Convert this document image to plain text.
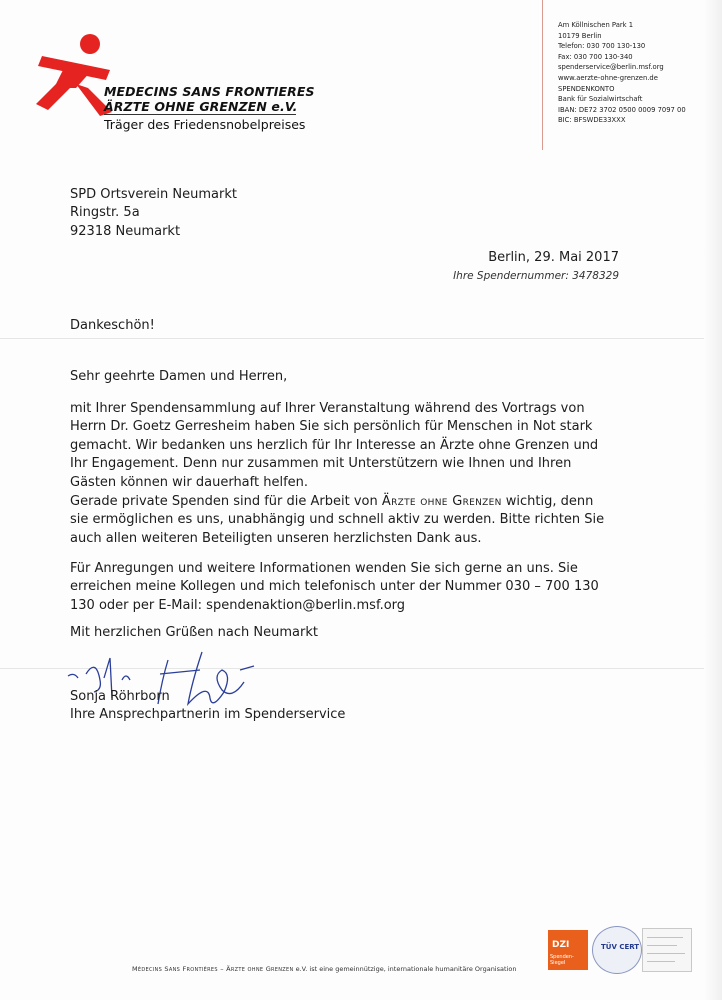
MEDECINS SANS FRONTIERES
ÄRZTE OHNE GRENZEN e.V.
Träger des Friedensnobelpreises
Am Köllnischen Park 1
10179 Berlin
Telefon: 030 700 130-130
Fax: 030 700 130-340
spenderservice@berlin.msf.org
www.aerzte-ohne-grenzen.de
SPENDENKONTO
Bank für Sozialwirtschaft
IBAN: DE72 3702 0500 0009 7097 00
BIC: BFSWDE33XXX
SPD Ortsverein Neumarkt
Ringstr. 5a
92318 Neumarkt
Berlin, 29. Mai 2017
Ihre Spendernummer: 3478329
Dankeschön!
Sehr geehrte Damen und Herren,
mit Ihrer Spendensammlung auf Ihrer Veranstaltung während des Vortrags von
Herrn Dr. Goetz Gerresheim haben Sie sich persönlich für Menschen in Not stark
gemacht. Wir bedanken uns herzlich für Ihr Interesse an Ärzte ohne Grenzen und
Ihr Engagement. Denn nur zusammen mit Unterstützern wie Ihnen und Ihren
Gästen können wir dauerhaft helfen.
Gerade private Spenden sind für die Arbeit von Ärzte ohne Grenzen wichtig, denn
sie ermöglichen es uns, unabhängig und schnell aktiv zu werden. Bitte richten Sie
auch allen weiteren Beteiligten unseren herzlichsten Dank aus.
Für Anregungen und weitere Informationen wenden Sie sich gerne an uns. Sie
erreichen meine Kollegen und mich telefonisch unter der Nummer 030 – 700 130
130 oder per E-Mail: spendenaktion@berlin.msf.org
Mit herzlichen Grüßen nach Neumarkt
Sonja Röhrborn
Ihre Ansprechpartnerin im Spenderservice
Médecins Sans Frontières – Ärzte ohne Grenzen e.V. ist eine gemeinnützige, internationale humanitäre Organisation
DZI
Spenden-Siegel
TÜV CERT
